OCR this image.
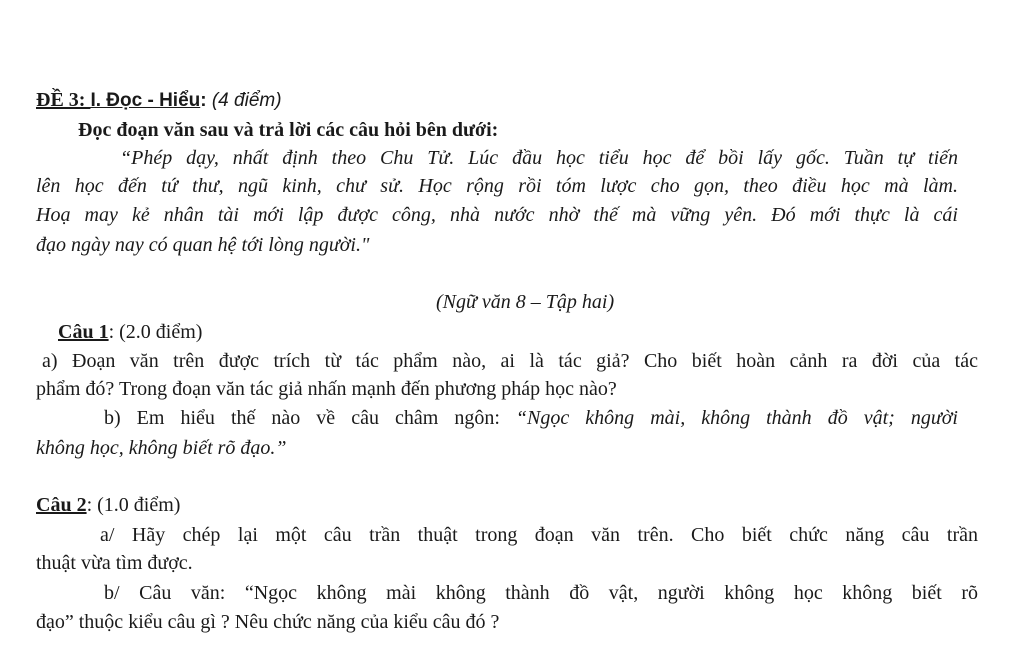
ĐỀ 3: I. Đọc - Hiểu: (4 điểm)
Đọc đoạn văn sau và trả lời các câu hỏi bên dưới:
“Phép dạy, nhất định theo Chu Tử. Lúc đầu học tiểu học để bồi lấy gốc. Tuần tự tiến
lên học đến tứ thư, ngũ kinh, chư sử. Học rộng rồi tóm lược cho gọn, theo điều học mà làm.
Hoạ may kẻ nhân tài mới lập được công, nhà nước nhờ thế mà vững yên. Đó mới thực là cái
đạo ngày nay có quan hệ tới lòng người."
(Ngữ văn 8 – Tập hai)
Câu 1: (2.0 điểm)
a) Đoạn văn trên được trích từ tác phẩm nào, ai là tác giả? Cho biết hoàn cảnh ra đời của tác
phẩm đó? Trong đoạn văn tác giả nhấn mạnh đến phương pháp học nào?
b) Em hiểu thế nào về câu châm ngôn: “Ngọc không mài, không thành đồ vật; người
không học, không biết rõ đạo.”
Câu 2: (1.0 điểm)
a/ Hãy chép lại một câu trần thuật trong đoạn văn trên. Cho biết chức năng câu trần
thuật vừa tìm được.
b/ Câu văn: “Ngọc không mài không thành đồ vật, người không học không biết rõ
đạo” thuộc kiểu câu gì ? Nêu chức năng của kiểu câu đó ?
